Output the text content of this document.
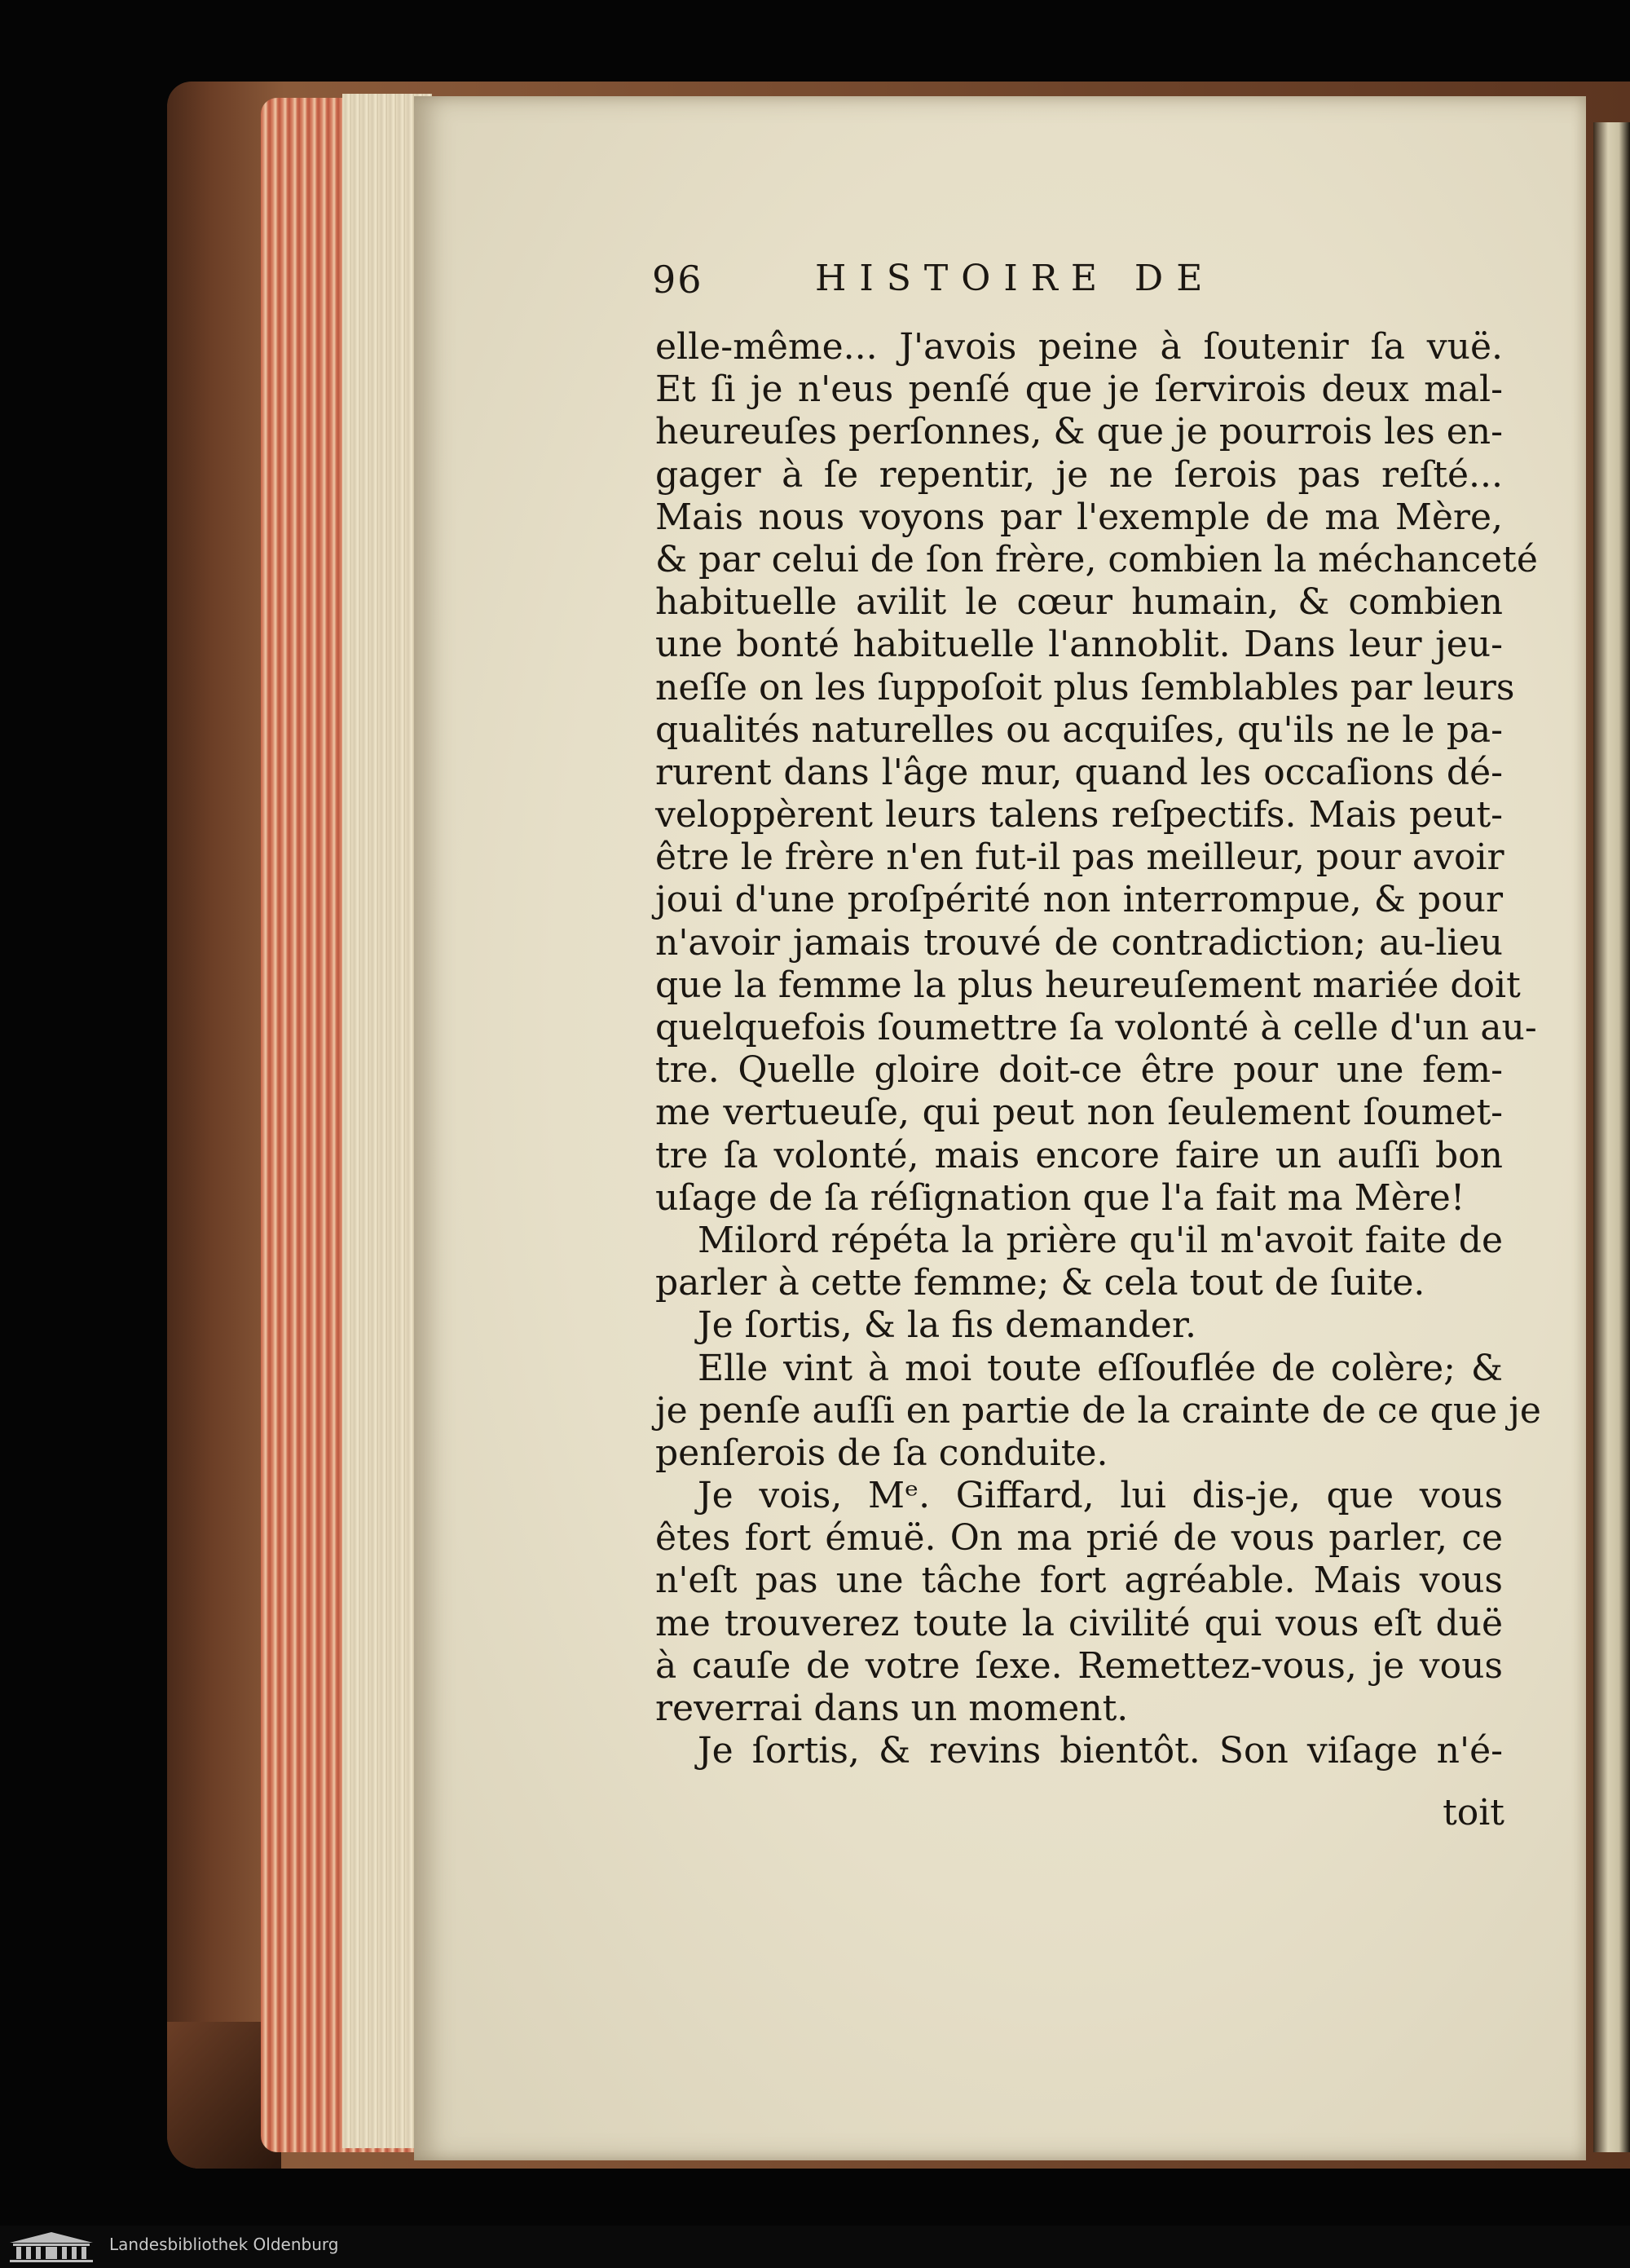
96	HISTOIRE DE
elle-même... J'avois peine à ſoutenir ſa vuë.
Et ſi je n'eus penſé que je ſervirois deux mal-
heureuſes perſonnes, & que je pourrois les en-
gager à ſe repentir, je ne ſerois pas reſté...
Mais nous voyons par l'exemple de ma Mère,
& par celui de ſon frère, combien la méchanceté
habituelle avilit le cœur humain, & combien
une bonté habituelle l'annoblit. Dans leur jeu-
neſſe on les ſuppoſoit plus ſemblables par leurs
qualités naturelles ou acquiſes, qu'ils ne le pa-
rurent dans l'âge mur, quand les occaſions dé-
veloppèrent leurs talens reſpectifs. Mais peut-
être le frère n'en fut-il pas meilleur, pour avoir
joui d'une proſpérité non interrompue, & pour
n'avoir jamais trouvé de contradiction; au-lieu
que la femme la plus heureuſement mariée doit
quelquefois ſoumettre ſa volonté à celle d'un au-
tre. Quelle gloire doit-ce être pour une fem-
me vertueuſe, qui peut non ſeulement ſoumet-
tre ſa volonté, mais encore faire un auſſi bon
uſage de ſa réſignation que l'a fait ma Mère!
Milord répéta la prière qu'il m'avoit faite de
parler à cette femme; & cela tout de ſuite.
Je ſortis, & la fis demander.
Elle vint à moi toute eſſouflée de colère; &
je penſe auſſi en partie de la crainte de ce que je
penſerois de ſa conduite.
Je vois, Mᵉ. Giffard, lui dis-je, que vous
êtes fort émuë. On ma prié de vous parler, ce
n'eſt pas une tâche fort agréable. Mais vous
me trouverez toute la civilité qui vous eſt duë
à cauſe de votre ſexe. Remettez-vous, je vous
reverrai dans un moment.
Je ſortis, & revins bientôt. Son viſage n'é-
toit
Landesbibliothek Oldenburg
